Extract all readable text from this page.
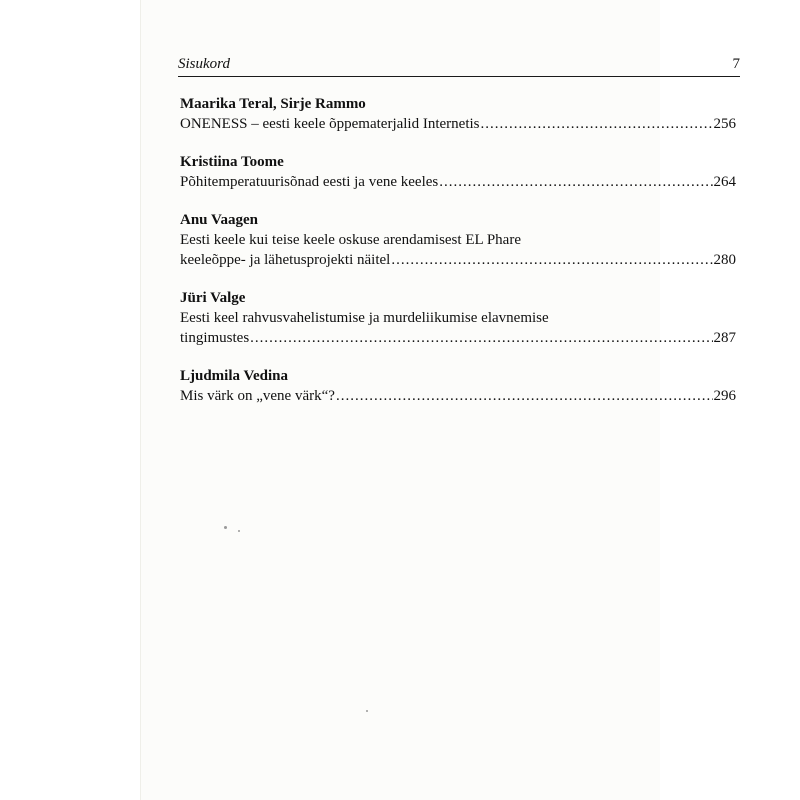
Sisukord	7
Maarika Teral, Sirje Rammo
ONENESS – eesti keele õppematerjalid Internetis .....	256
Kristiina Toome
Põhitemperatuurisõnad eesti ja vene keeles .....	264
Anu Vaagen
Eesti keele kui teise keele oskuse arendamisest EL Phare
keeleõppe- ja lähetusprojekti näitel .....	280
Jüri Valge
Eesti keel rahvusvahelistumise ja murdeliikumise elavnemise
tingimustes .....	287
Ljudmila Vedina
Mis värk on „vene värk“? .....	296
